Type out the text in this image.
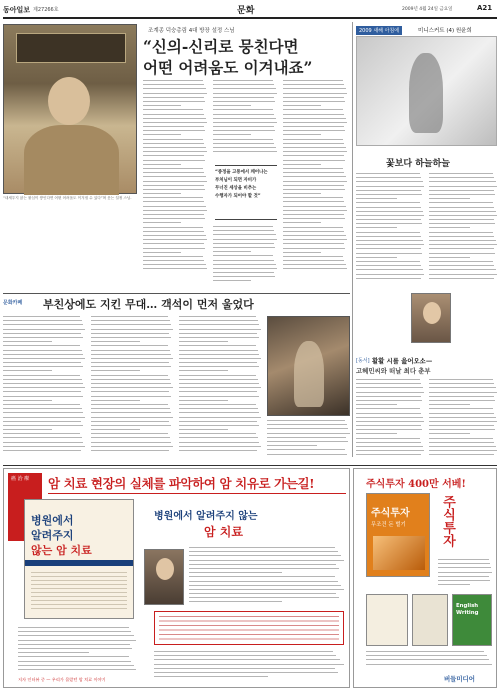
동아일보 제27266호	문화	2009년 4월 24일 금요일	A21
조계종 덕숭총림 4대 방장 설정 스님
“신의-신리로 뭉친다면
어떤 어려움도 이겨내죠”
“내세우지 않는 불심이 쌓인다면 어떤 어려움도 이겨낼 수 있다”며 웃는 설정 스님.
“종정을 고통에서 깨어나는
부처님이 되면 자비가
무너진 세상을 비추는
수행자가 되어야 할 것”
2009 새해 아침에	미니스커트 (4) 원윤희
꽃보다 하늘하늘
문화카페 부친상에도 지킨 무대… 객석이 먼저 울었다
[동서] 활활 시를 읊어오소—
고혜민씨와 떠날 최다 춘부
癌 治 療	암 치료 현장의 실체를 파악하여 암 치유로 가는길!
병원에서
알려주지
않는 암 치료
병원에서 알려주지 않는
암 치료
저자 인터뷰 중 — 우리가 몰랐던 암 치료 이야기
주식투자 400만 서베!
주식투자
무조건 돈 벌기	주식투자
English Writing
버들미디어
